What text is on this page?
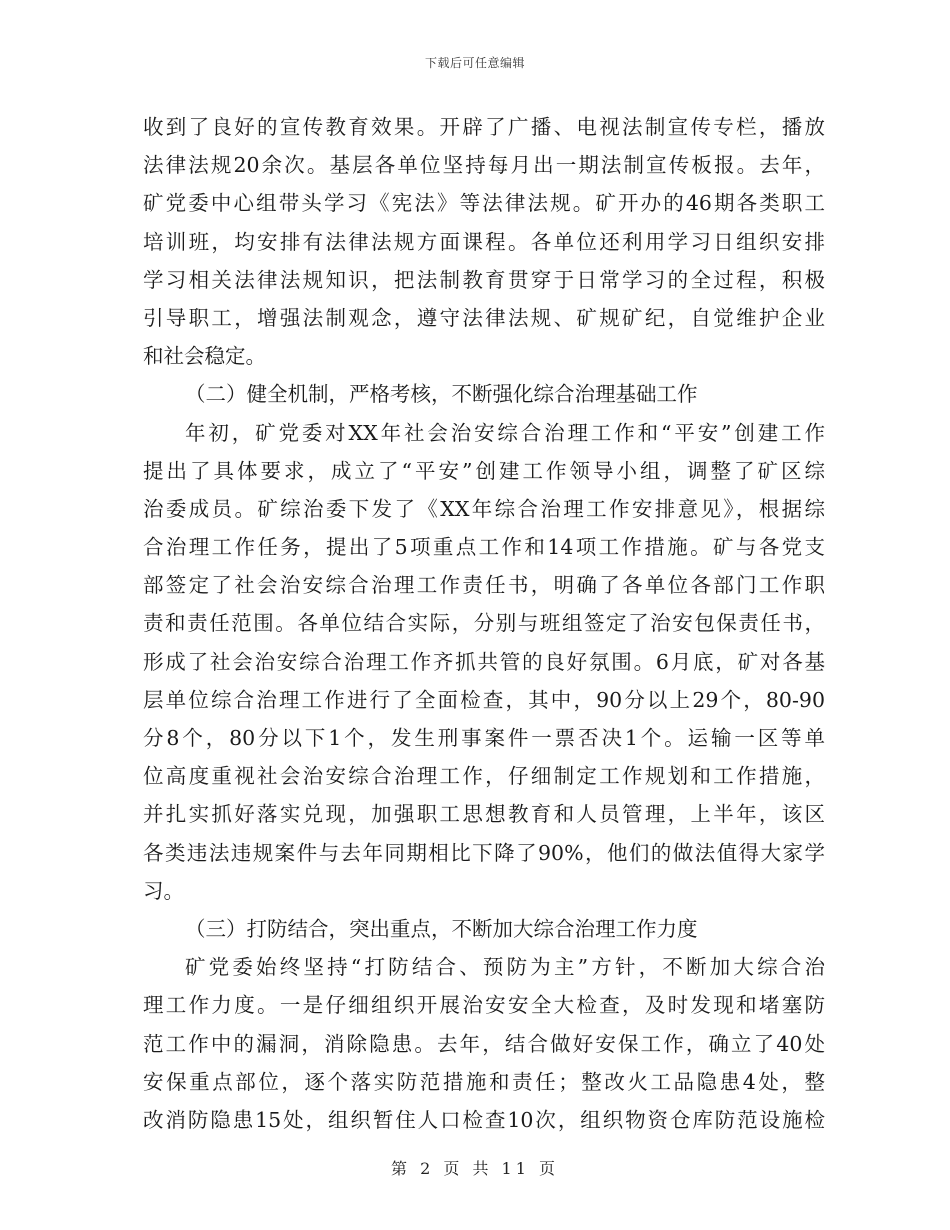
下载后可任意编辑
收到了良好的宣传教育效果。开辟了广播、电视法制宣传专栏，播放
法律法规20余次。基层各单位坚持每月出一期法制宣传板报。去年，
矿党委中心组带头学习《宪法》等法律法规。矿开办的46期各类职工
培训班，均安排有法律法规方面课程。各单位还利用学习日组织安排
学习相关法律法规知识，把法制教育贯穿于日常学习的全过程，积极
引导职工，增强法制观念，遵守法律法规、矿规矿纪，自觉维护企业
和社会稳定。
（二）健全机制，严格考核，不断强化综合治理基础工作
年初，矿党委对XX年社会治安综合治理工作和“平安”创建工作
提出了具体要求，成立了“平安”创建工作领导小组，调整了矿区综
治委成员。矿综治委下发了《XX年综合治理工作安排意见》，根据综
合治理工作任务，提出了5项重点工作和14项工作措施。矿与各党支
部签定了社会治安综合治理工作责任书，明确了各单位各部门工作职
责和责任范围。各单位结合实际，分别与班组签定了治安包保责任书，
形成了社会治安综合治理工作齐抓共管的良好氛围。6月底，矿对各基
层单位综合治理工作进行了全面检查，其中，90分以上29个，80-90
分8个，80分以下1个，发生刑事案件一票否决1个。运输一区等单
位高度重视社会治安综合治理工作，仔细制定工作规划和工作措施，
并扎实抓好落实兑现，加强职工思想教育和人员管理，上半年，该区
各类违法违规案件与去年同期相比下降了90%，他们的做法值得大家学
习。
（三）打防结合，突出重点，不断加大综合治理工作力度
矿党委始终坚持“打防结合、预防为主”方针，不断加大综合治
理工作力度。一是仔细组织开展治安安全大检查，及时发现和堵塞防
范工作中的漏洞，消除隐患。去年，结合做好安保工作，确立了40处
安保重点部位，逐个落实防范措施和责任；整改火工品隐患4处，整
改消防隐患15处，组织暂住人口检查10次，组织物资仓库防范设施检
第 2 页 共 11 页
